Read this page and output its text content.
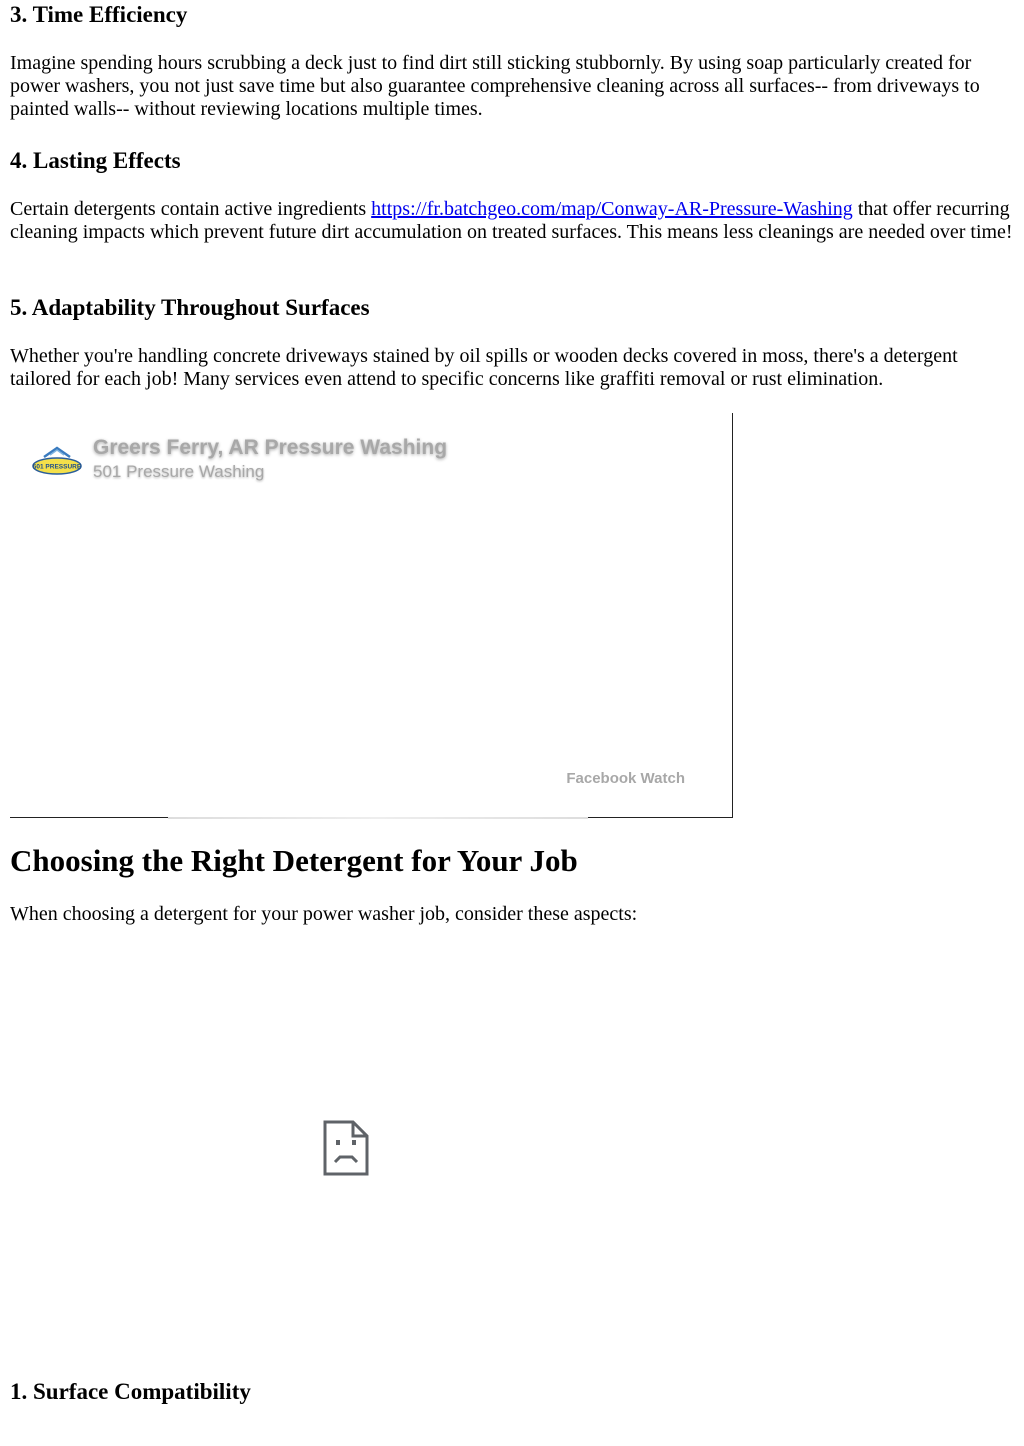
3. Time Efficiency

Imagine spending hours scrubbing a deck just to find dirt still sticking stubbornly. By using soap particularly created for power washers, you not just save time but also guarantee comprehensive cleaning across all surfaces-- from driveways to painted walls-- without reviewing locations multiple times.

4. Lasting Effects

Certain detergents contain active ingredients https://fr.batchgeo.com/map/Conway-AR-Pressure-Washing that offer recurring cleaning impacts which prevent future dirt accumulation on treated surfaces. This means less cleanings are needed over time!

5. Adaptability Throughout Surfaces

Whether you're handling concrete driveways stained by oil spills or wooden decks covered in moss, there's a detergent tailored for each job! Many services even attend to specific concerns like graffiti removal or rust elimination.

501 PRESSURE
Greers Ferry, AR Pressure Washing
501 Pressure Washing
Facebook Watch
Choosing the Right Detergent for Your Job

When choosing a detergent for your power washer job, consider these aspects:

1. Surface Compatibility
